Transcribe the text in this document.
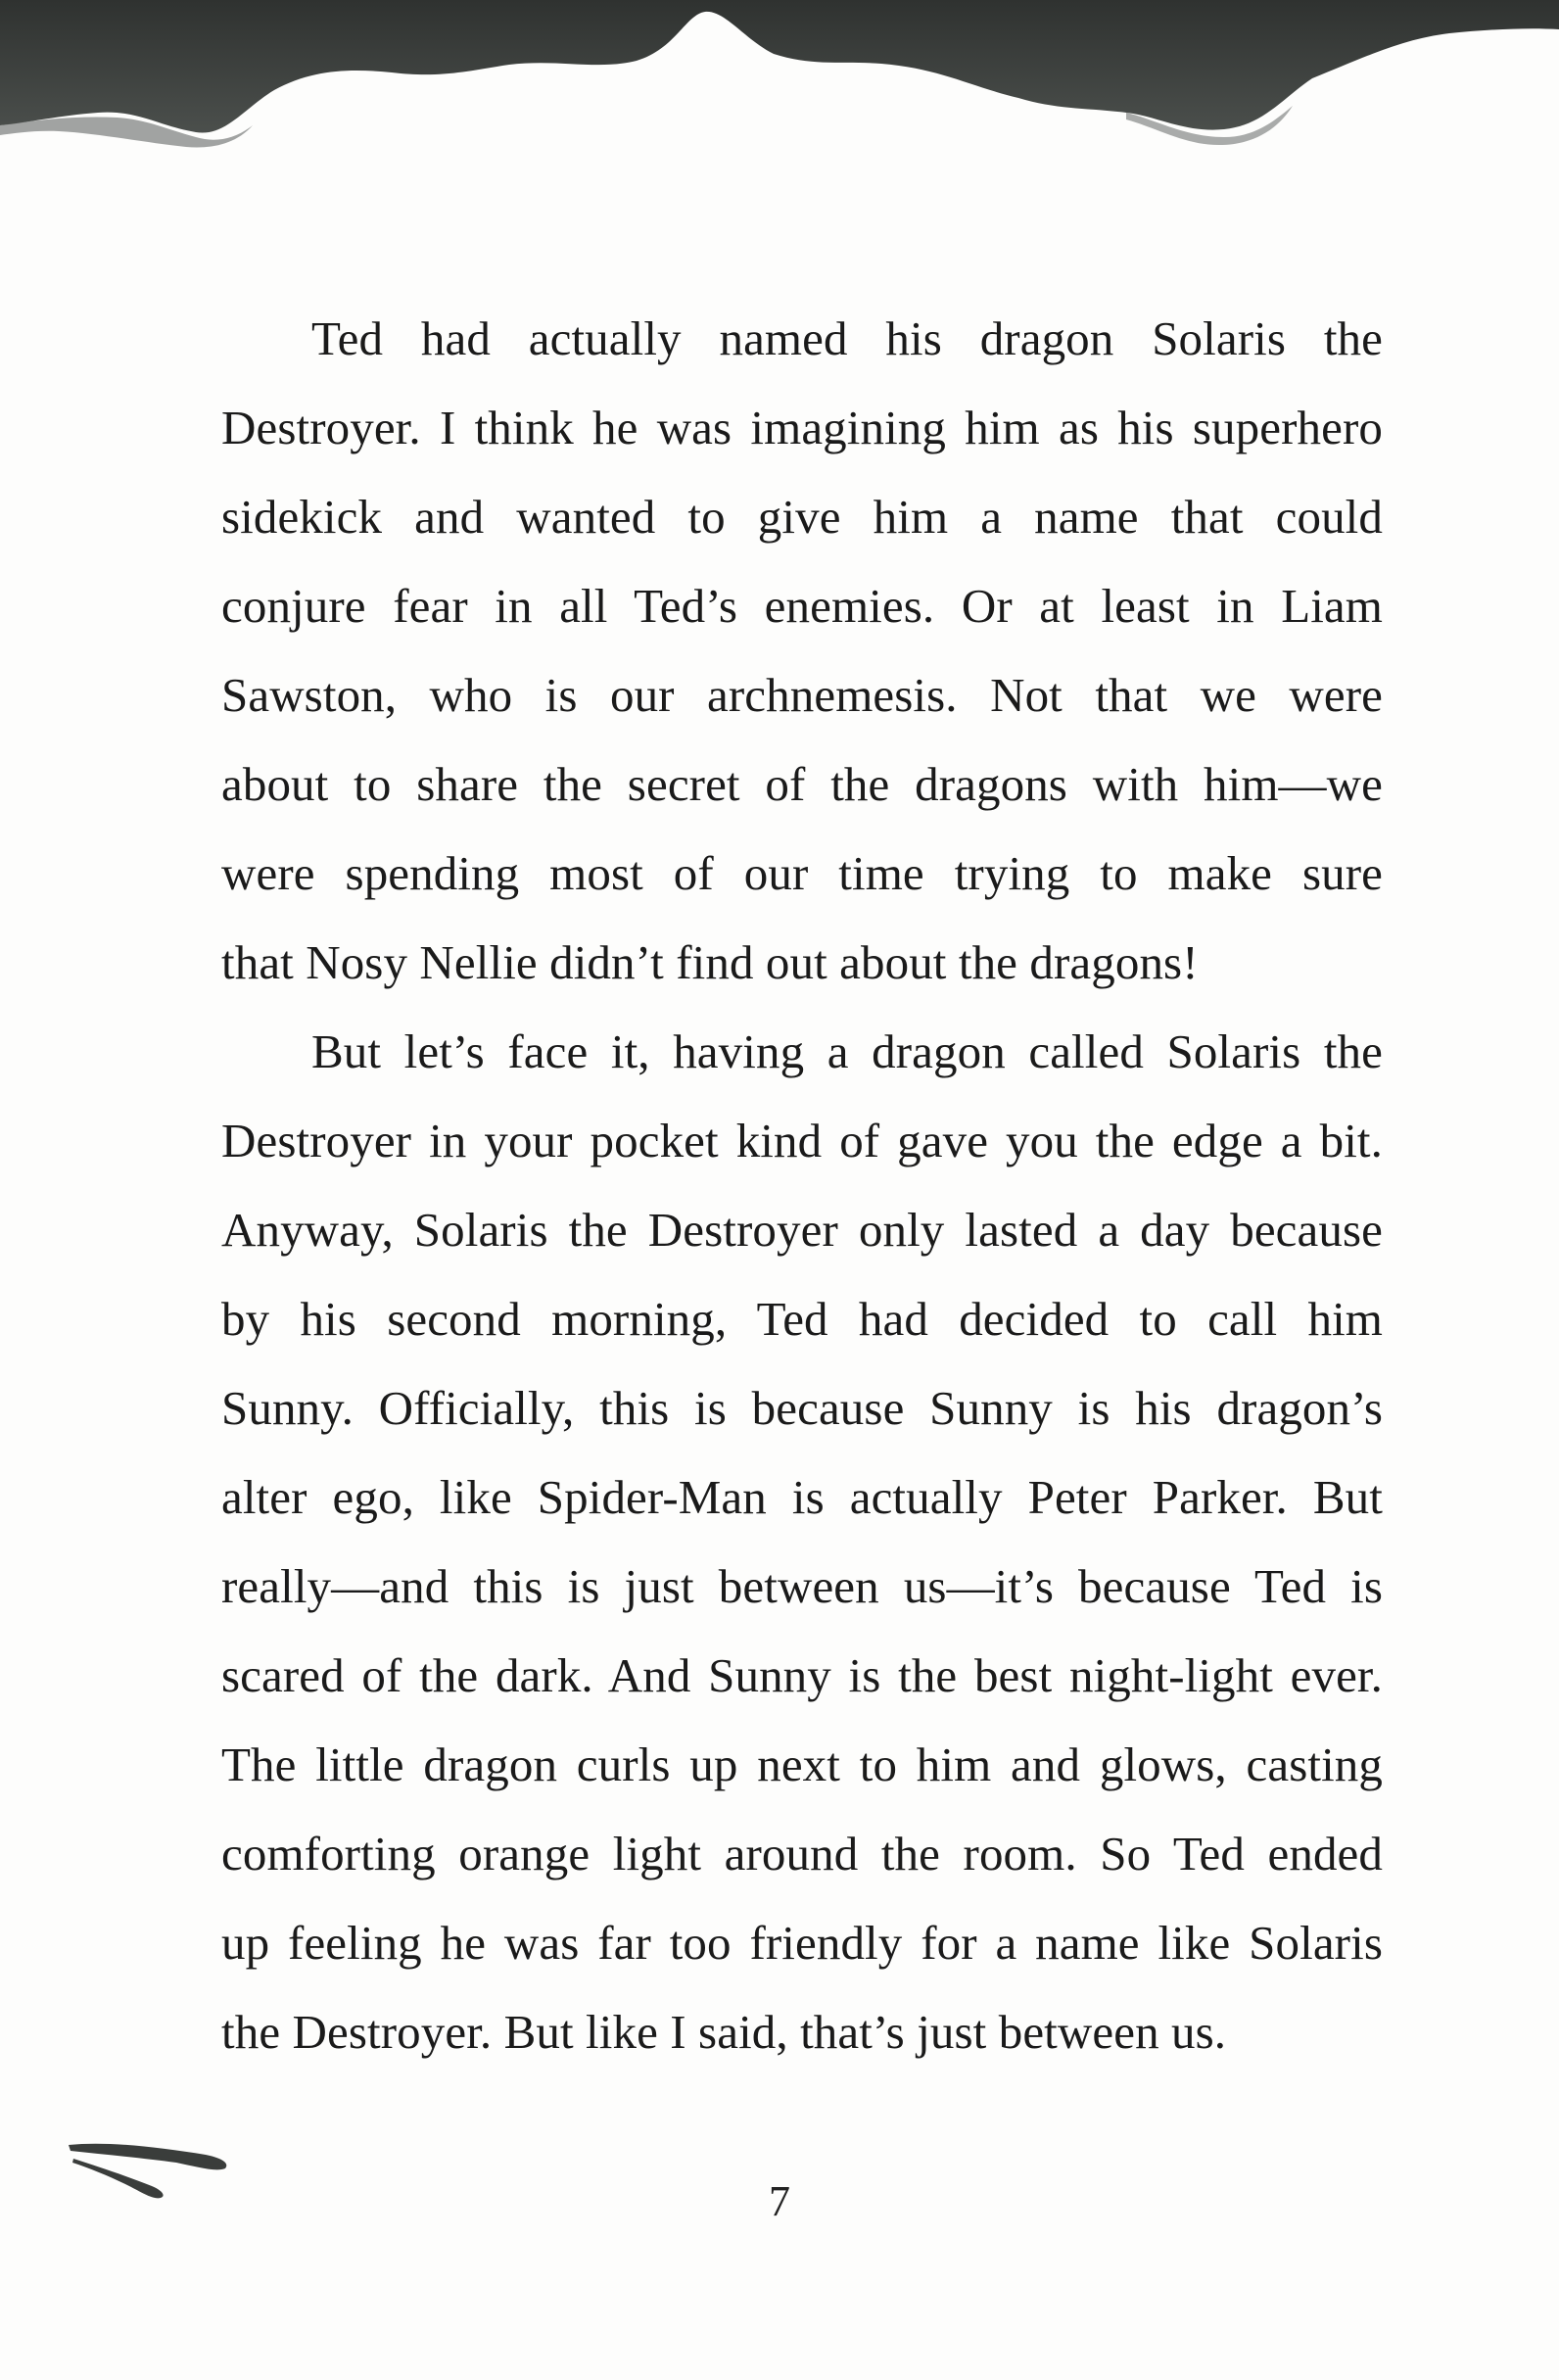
Ted had actually named his dragon Solaris the
Destroyer. I think he was imagining him as his superhero
sidekick and wanted to give him a name that could
conjure fear in all Ted’s enemies. Or at least in Liam
Sawston, who is our archnemesis. Not that we were
about to share the secret of the dragons with him—we
were spending most of our time trying to make sure
that Nosy Nellie didn’t find out about the dragons!
But let’s face it, having a dragon called Solaris the
Destroyer in your pocket kind of gave you the edge a bit.
Anyway, Solaris the Destroyer only lasted a day because
by his second morning, Ted had decided to call him
Sunny. Officially, this is because Sunny is his dragon’s
alter ego, like Spider-Man is actually Peter Parker. But
really—and this is just between us—it’s because Ted is
scared of the dark. And Sunny is the best night-light ever.
The little dragon curls up next to him and glows, casting
comforting orange light around the room. So Ted ended
up feeling he was far too friendly for a name like Solaris
the Destroyer. But like I said, that’s just between us.
7
